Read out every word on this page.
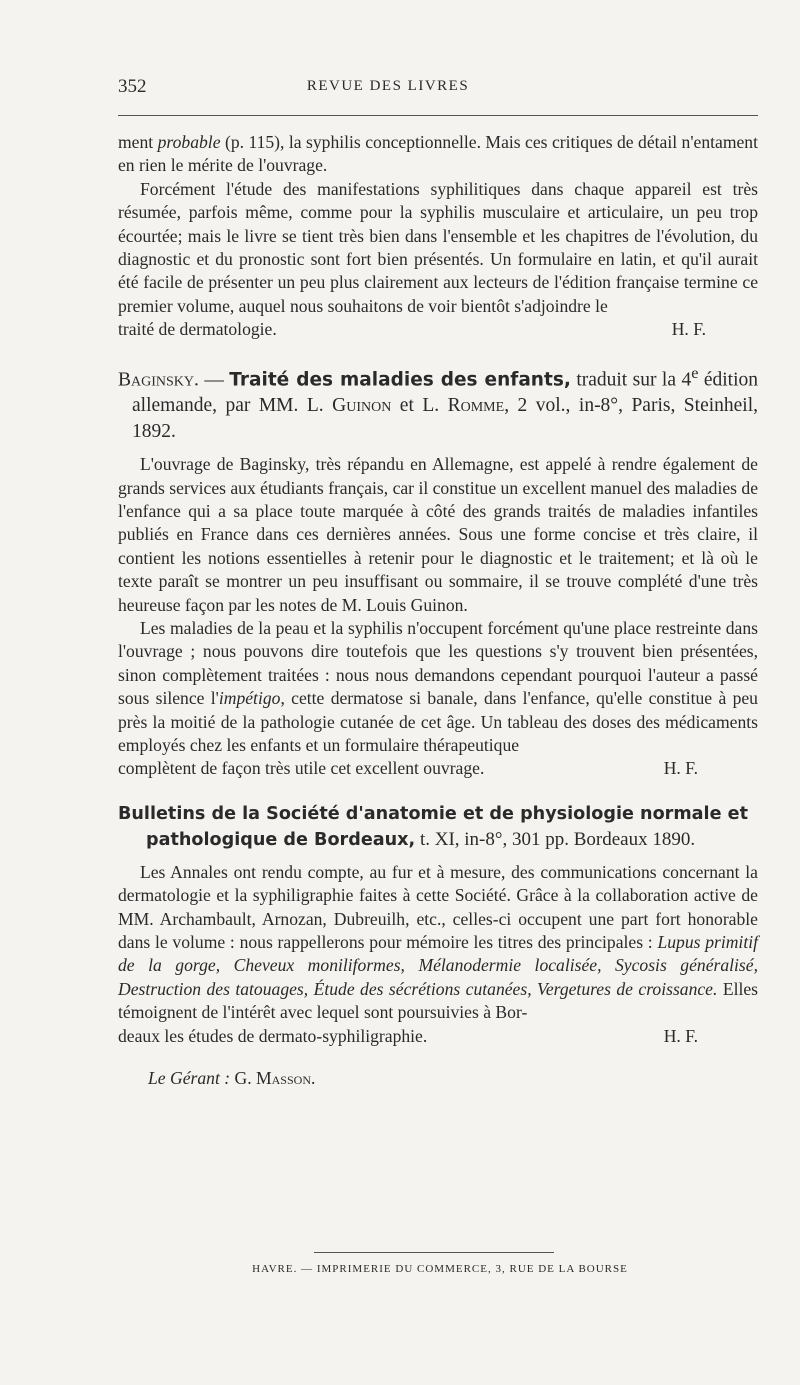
352	REVUE DES LIVRES

ment probable (p. 115), la syphilis conceptionnelle. Mais ces critiques de détail n'entament en rien le mérite de l'ouvrage.

Forcément l'étude des manifestations syphilitiques dans chaque appareil est très résumée, parfois même, comme pour la syphilis musculaire et articulaire, un peu trop écourtée; mais le livre se tient très bien dans l'ensemble et les chapitres de l'évolution, du diagnostic et du pronostic sont fort bien présentés. Un formulaire en latin, et qu'il aurait été facile de présenter un peu plus clairement aux lecteurs de l'édition française termine ce premier volume, auquel nous souhaitons de voir bientôt s'adjoindre le

traité de dermatologie.	H. F.

Baginsky. — Traité des maladies des enfants, traduit sur la 4e édition allemande, par MM. L. Guinon et L. Romme, 2 vol., in-8°, Paris, Steinheil, 1892.

L'ouvrage de Baginsky, très répandu en Allemagne, est appelé à rendre également de grands services aux étudiants français, car il constitue un excellent manuel des maladies de l'enfance qui a sa place toute marquée à côté des grands traités de maladies infantiles publiés en France dans ces dernières années. Sous une forme concise et très claire, il contient les notions essentielles à retenir pour le diagnostic et le traitement; et là où le texte paraît se montrer un peu insuffisant ou sommaire, il se trouve complété d'une très heureuse façon par les notes de M. Louis Guinon.

Les maladies de la peau et la syphilis n'occupent forcément qu'une place restreinte dans l'ouvrage ; nous pouvons dire toutefois que les questions s'y trouvent bien présentées, sinon complètement traitées : nous nous demandons cependant pourquoi l'auteur a passé sous silence l'impétigo, cette dermatose si banale, dans l'enfance, qu'elle constitue à peu près la moitié de la pathologie cutanée de cet âge. Un tableau des doses des médicaments employés chez les enfants et un formulaire thérapeutique

complètent de façon très utile cet excellent ouvrage.	H. F.

Bulletins de la Société d'anatomie et de physiologie normale et pathologique de Bordeaux, t. XI, in-8°, 301 pp. Bordeaux 1890.

Les Annales ont rendu compte, au fur et à mesure, des communications concernant la dermatologie et la syphiligraphie faites à cette Société. Grâce à la collaboration active de MM. Archambault, Arnozan, Dubreuilh, etc., celles-ci occupent une part fort honorable dans le volume : nous rappellerons pour mémoire les titres des principales : Lupus primitif de la gorge, Cheveux moniliformes, Mélanodermie localisée, Sycosis généralisé, Destruction des tatouages, Étude des sécrétions cutanées, Vergetures de croissance. Elles témoignent de l'intérêt avec lequel sont poursuivies à Bor-

deaux les études de dermato-syphiligraphie.	H. F.

Le Gérant : G. Masson.
HAVRE. — IMPRIMERIE DU COMMERCE, 3, RUE DE LA BOURSE
